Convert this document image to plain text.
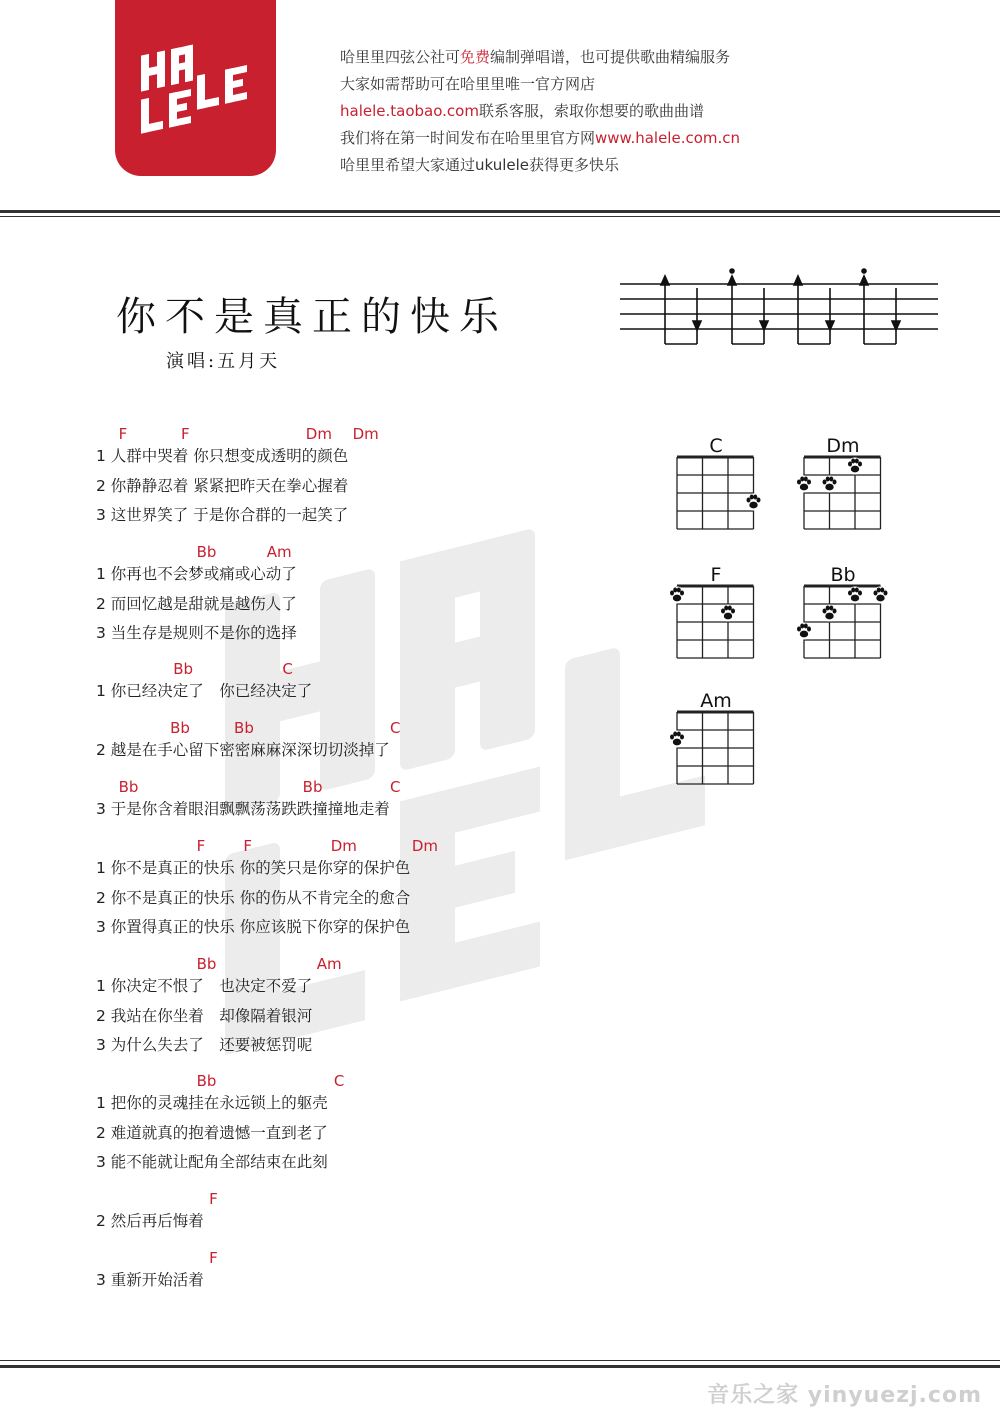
哈里里四弦公社可免费编制弹唱谱，也可提供歌曲精编服务
大家如需帮助可在哈里里唯一官方网店
halele.taobao.com联系客服，索取你想要的歌曲曲谱
我们将在第一时间发布在哈里里官方网www.halele.com.cn
哈里里希望大家通过ukulele获得更多快乐
你不是真正的快乐
演唱:五月天
F	F	Dm Dm
1 人群中哭着 你只想变成透明的颜色
2 你静静忍着 紧紧把昨天在拳心握着
3 这世界笑了 于是你合群的一起笑了
Bb	Am
1 你再也不会梦或痛或心动了
2 而回忆越是甜就是越伤人了
3 当生存是规则不是你的选择
Bb	C
1 你已经决定了　你已经决定了
Bb	Bb	C
2 越是在手心留下密密麻麻深深切切淡掉了
Bb	Bb	C
3 于是你含着眼泪飘飘荡荡跌跌撞撞地走着
F	F	Dm	Dm
1 你不是真正的快乐 你的笑只是你穿的保护色
2 你不是真正的快乐 你的伤从不肯完全的愈合
3 你置得真正的快乐 你应该脱下你穿的保护色
Bb	Am
1 你决定不恨了　也决定不爱了
2 我站在你坐着　却像隔着银河
3 为什么失去了　还要被惩罚呢
Bb	C
1 把你的灵魂挂在永远锁上的躯壳
2 难道就真的抱着遗憾一直到老了
3 能不能就让配角全部结束在此刻
F
2 然后再后悔着
F
3 重新开始活着
C	Dm
F	Bb
Am
音乐之家 yinyuezj.com
